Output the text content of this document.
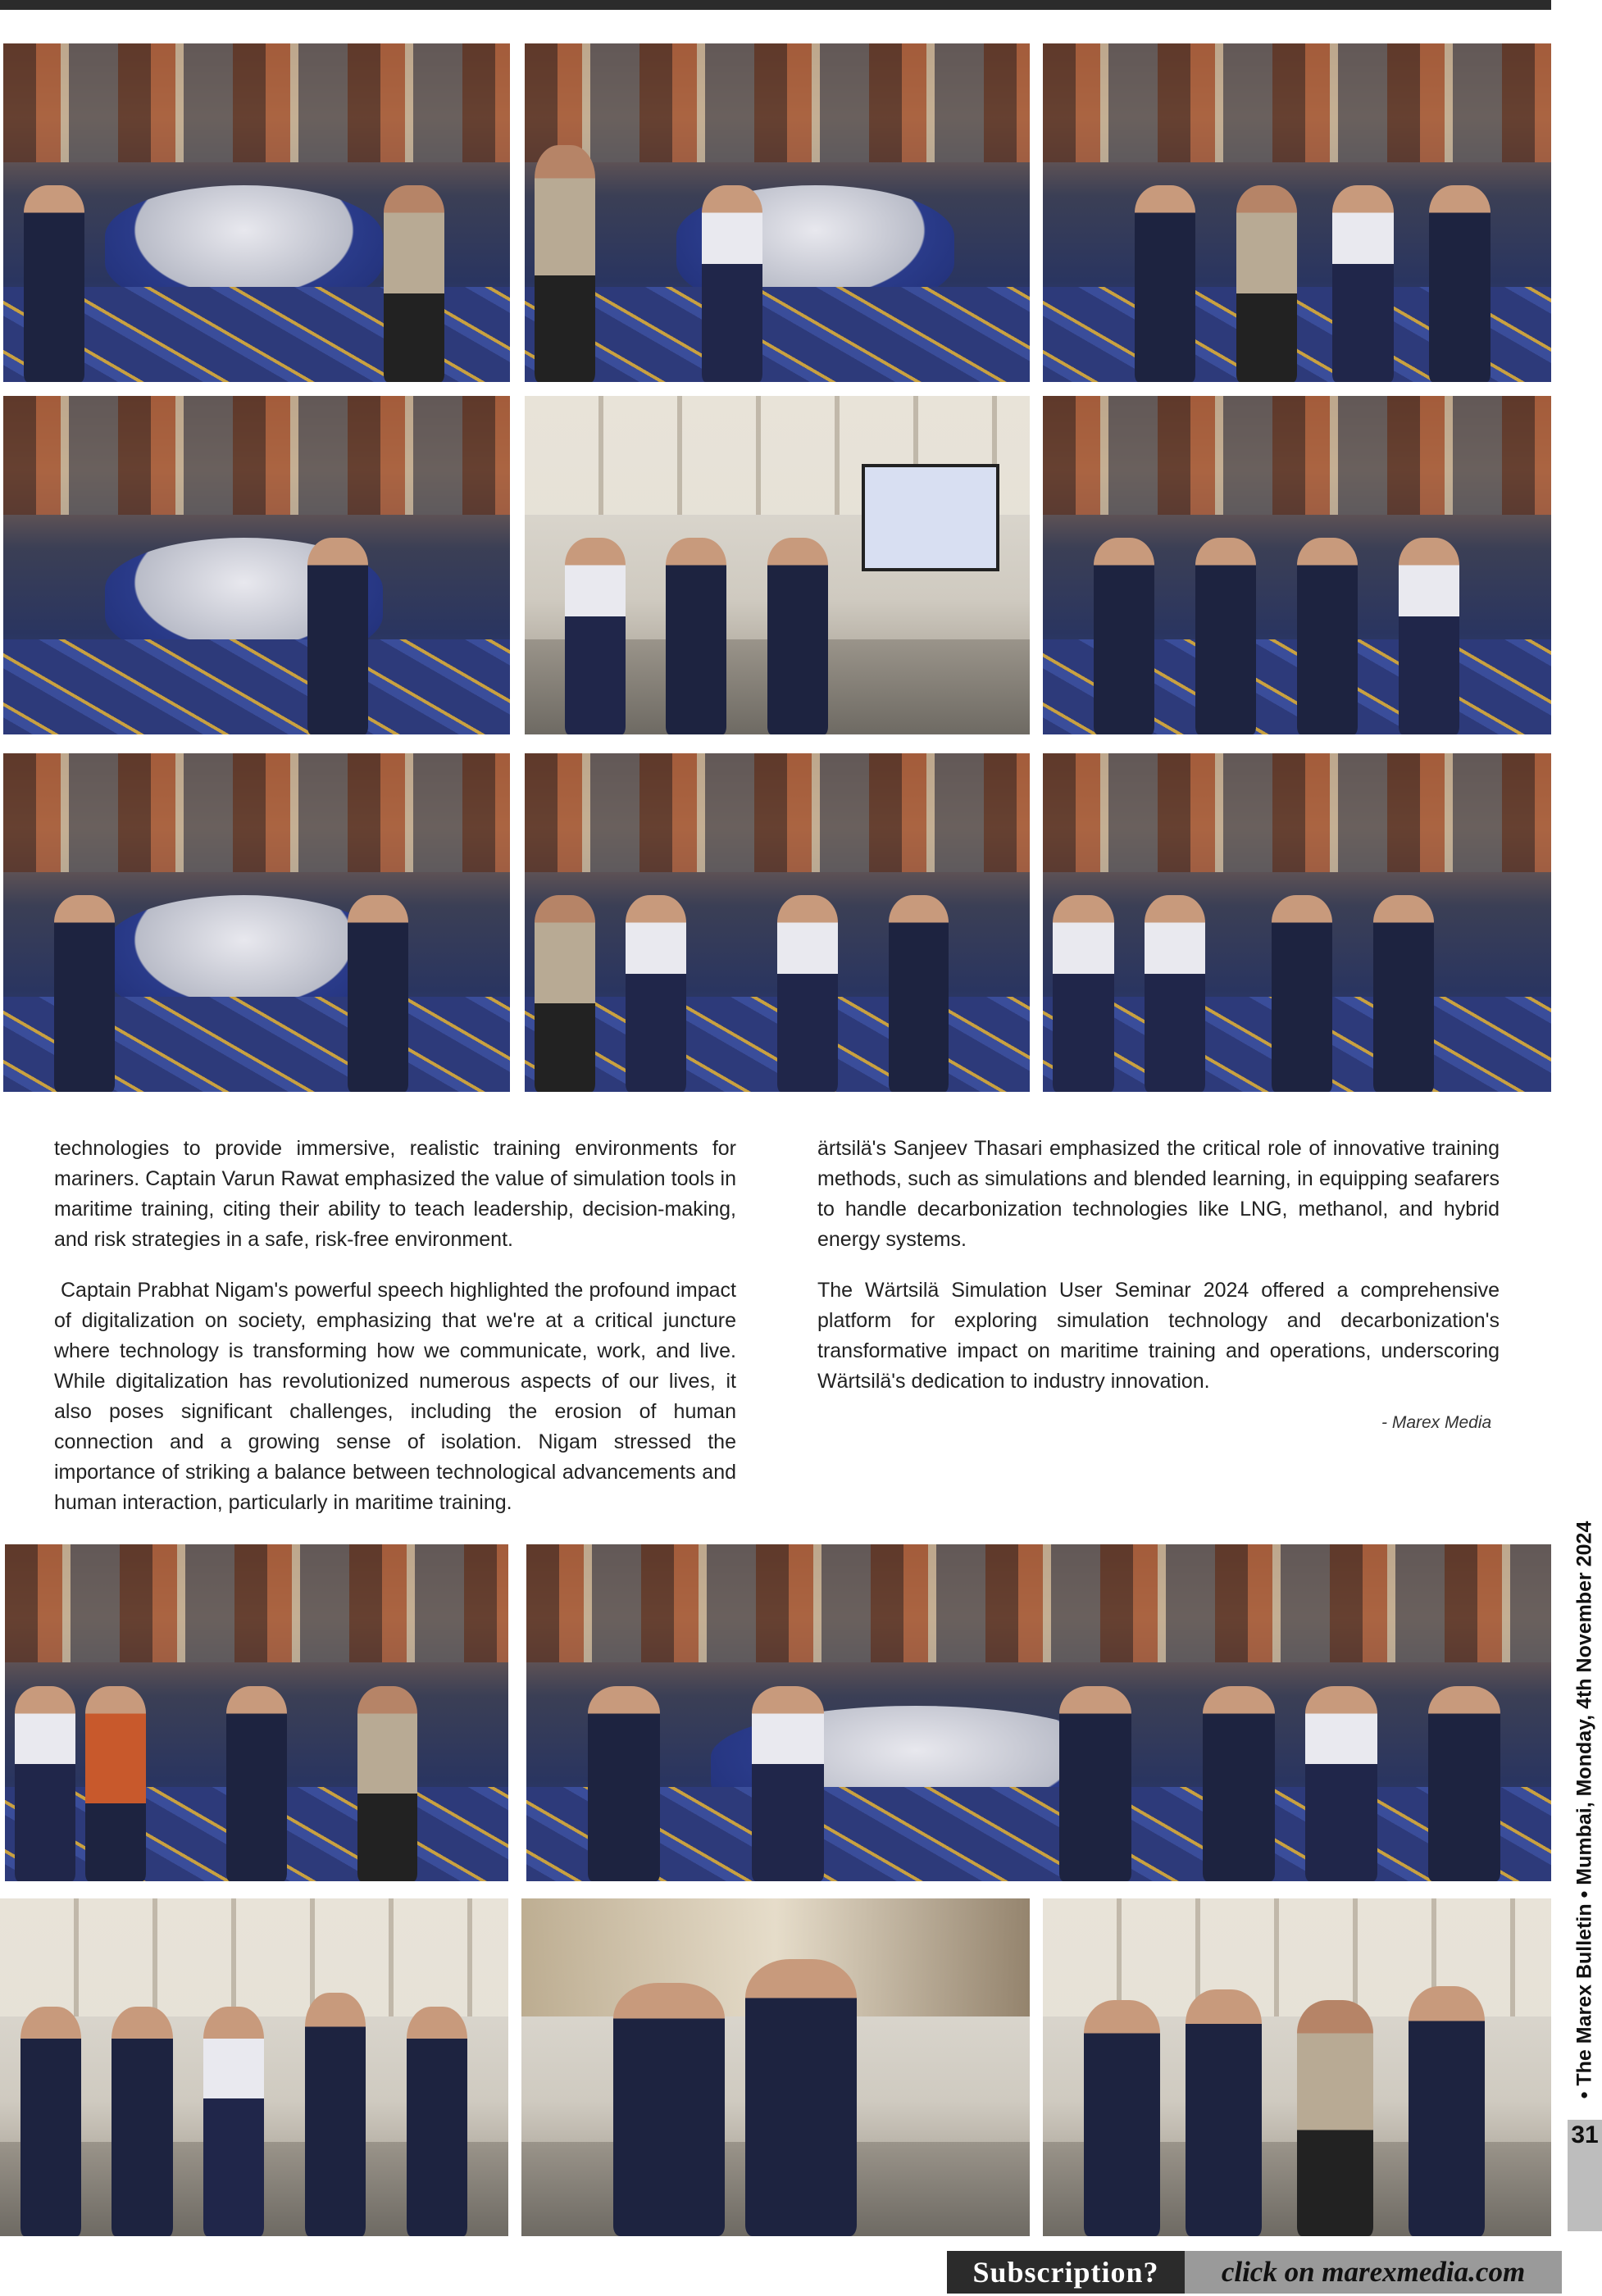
technologies to provide immersive, realistic training environments for mariners. Captain Varun Rawat emphasized the value of simulation tools in maritime training, citing their ability to teach leadership, decision-making, and risk strategies in a safe, risk-free environment.

Captain Prabhat Nigam's powerful speech highlighted the profound impact of digitalization on society, emphasizing that we're at a critical juncture where technology is transforming how we communicate, work, and live. While digitalization has revolutionized numerous aspects of our lives, it also poses significant challenges, including the erosion of human connection and a growing sense of isolation. Nigam stressed the importance of striking a balance between technological advancements and human interaction, particularly in maritime training.

ärtsilä's Sanjeev Thasari emphasized the critical role of innovative training methods, such as simulations and blended learning, in equipping seafarers to handle decarbonization technologies like LNG, methanol, and hybrid energy systems.

The Wärtsilä Simulation User Seminar 2024 offered a comprehensive platform for exploring simulation technology and decarbonization's transformative impact on maritime training and operations, underscoring Wärtsilä's dedication to industry innovation.

- Marex Media
• The Marex Bulletin • Mumbai, Monday, 4th November 2024
31
Subscription?	click on marexmedia.com
